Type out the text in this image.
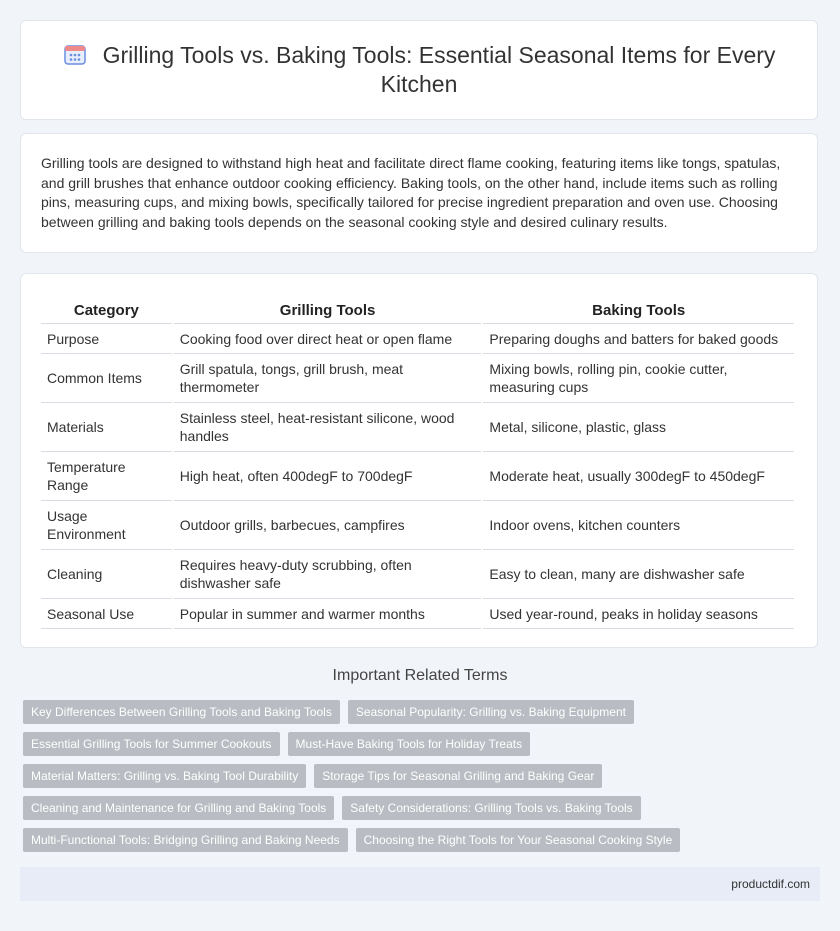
Grilling Tools vs. Baking Tools: Essential Seasonal Items for Every Kitchen
Grilling tools are designed to withstand high heat and facilitate direct flame cooking, featuring items like tongs, spatulas, and grill brushes that enhance outdoor cooking efficiency. Baking tools, on the other hand, include items such as rolling pins, measuring cups, and mixing bowls, specifically tailored for precise ingredient preparation and oven use. Choosing between grilling and baking tools depends on the seasonal cooking style and desired culinary results.
Category	Grilling Tools	Baking Tools
Purpose	Cooking food over direct heat or open flame	Preparing doughs and batters for baked goods
Common Items	Grill spatula, tongs, grill brush, meat thermometer	Mixing bowls, rolling pin, cookie cutter, measuring cups
Materials	Stainless steel, heat-resistant silicone, wood handles	Metal, silicone, plastic, glass
Temperature Range	High heat, often 400degF to 700degF	Moderate heat, usually 300degF to 450degF
Usage Environment	Outdoor grills, barbecues, campfires	Indoor ovens, kitchen counters
Cleaning	Requires heavy-duty scrubbing, often dishwasher safe	Easy to clean, many are dishwasher safe
Seasonal Use	Popular in summer and warmer months	Used year-round, peaks in holiday seasons
Important Related Terms
Key Differences Between Grilling Tools and Baking Tools	Seasonal Popularity: Grilling vs. Baking Equipment
Essential Grilling Tools for Summer Cookouts	Must-Have Baking Tools for Holiday Treats
Material Matters: Grilling vs. Baking Tool Durability	Storage Tips for Seasonal Grilling and Baking Gear
Cleaning and Maintenance for Grilling and Baking Tools	Safety Considerations: Grilling Tools vs. Baking Tools
Multi-Functional Tools: Bridging Grilling and Baking Needs	Choosing the Right Tools for Your Seasonal Cooking Style
productdif.com
